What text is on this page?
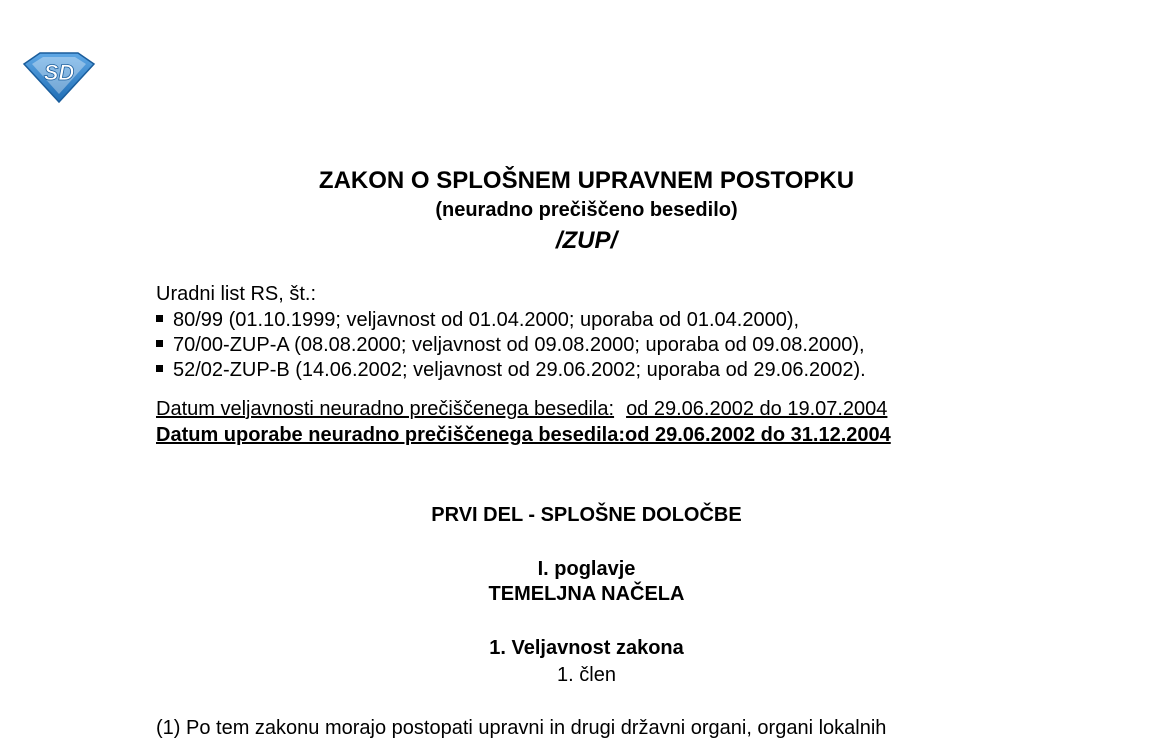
SD
ZAKON O SPLOŠNEM UPRAVNEM POSTOPKU
(neuradno prečiščeno besedilo)
/ZUP/
Uradni list RS, št.:
80/99 (01.10.1999; veljavnost od 01.04.2000; uporaba od 01.04.2000),
70/00-ZUP-A (08.08.2000; veljavnost od 09.08.2000; uporaba od 09.08.2000),
52/02-ZUP-B (14.06.2002; veljavnost od 29.06.2002; uporaba od 29.06.2002).
Datum veljavnosti neuradno prečiščenega besedila: od 29.06.2002 do 19.07.2004
Datum uporabe neuradno prečiščenega besedila:od 29.06.2002 do 31.12.2004
PRVI DEL - SPLOŠNE DOLOČBE
I. poglavje
TEMELJNA NAČELA
1. Veljavnost zakona
1. člen
(1) Po tem zakonu morajo postopati upravni in drugi državni organi, organi lokalnih
